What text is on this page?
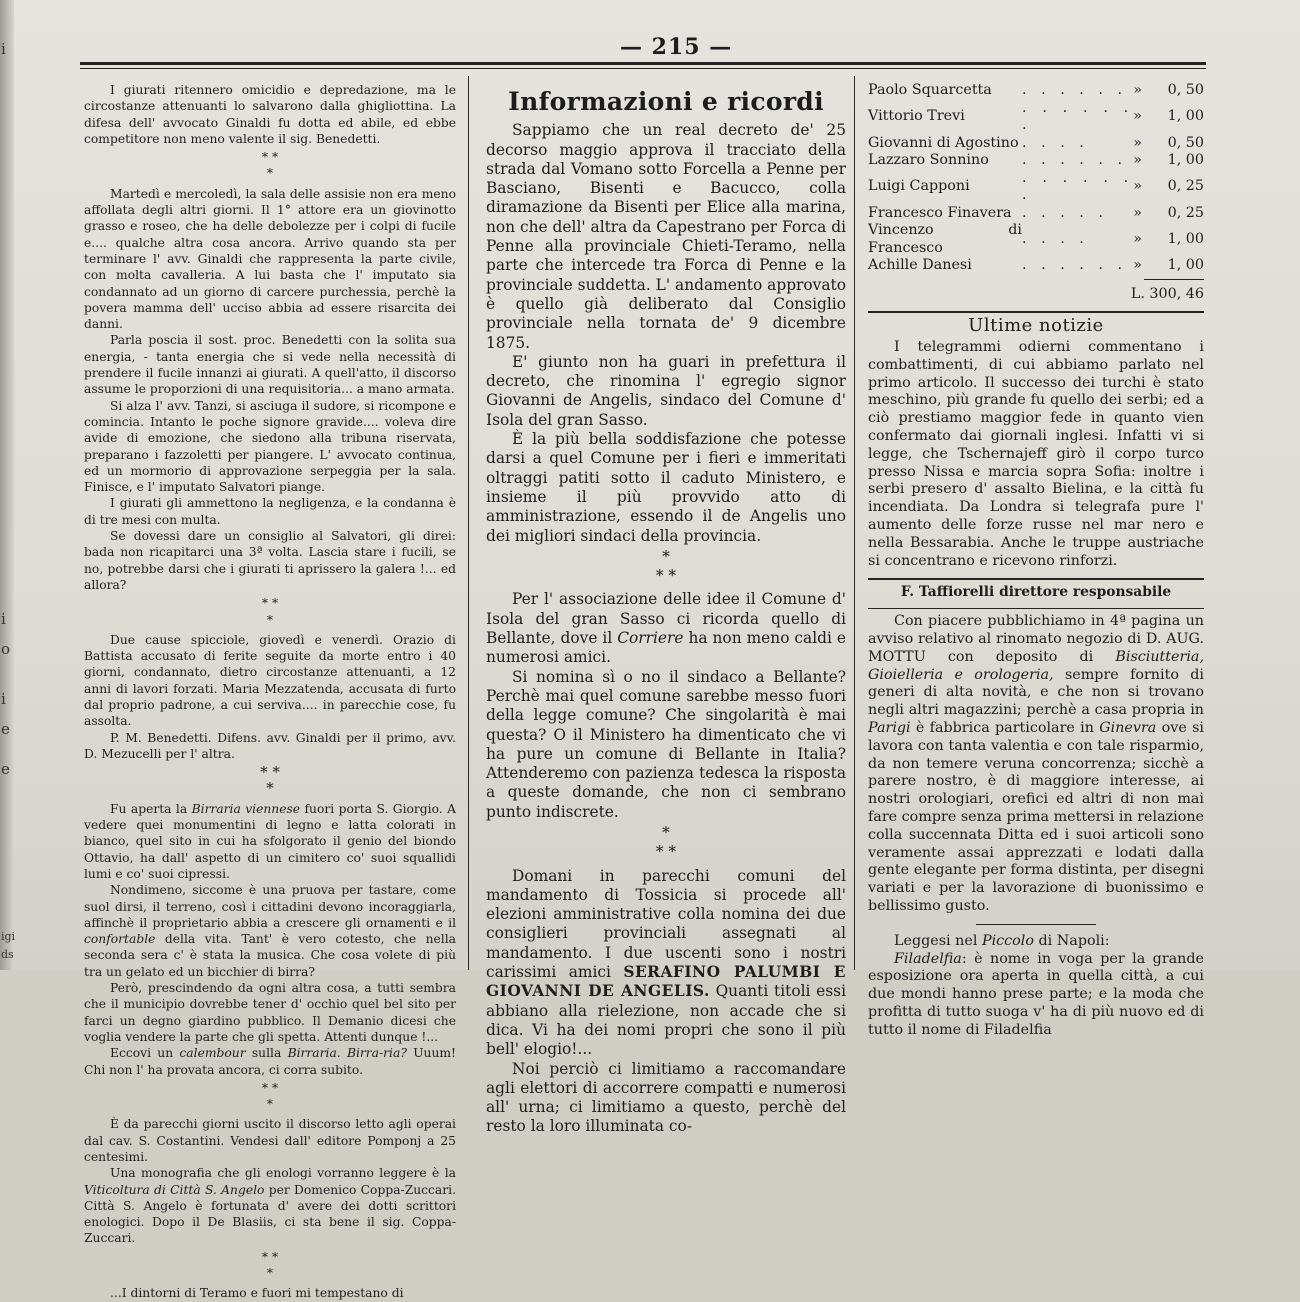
i
i
o
i
e
e
igi
ds
— 215 —

I giurati ritennero omicidio e depredazione, ma le circostanze attenuanti lo salvarono dalla ghigliottina. La difesa dell' avvocato Ginaldi fu dotta ed abile, ed ebbe competitore non meno valente il sig. Benedetti.

* *
*

Martedì e mercoledì, la sala delle assisie non era meno affollata degli altri giorni. Il 1° attore era un giovinotto grasso e roseo, che ha delle debolezze per i colpi di fucile e.... qualche altra cosa ancora. Arrivo quando sta per terminare l' avv. Ginaldi che rappresenta la parte civile, con molta cavalleria. A lui basta che l' imputato sia condannato ad un giorno di carcere purchessia, perchè la povera mamma dell' ucciso abbia ad essere risarcita dei danni.

Parla poscia il sost. proc. Benedetti con la solita sua energia, - tanta energia che si vede nella necessità di prendere il fucile innanzi ai giurati. A quell'atto, il discorso assume le proporzioni di una requisitoria... a mano armata.

Si alza l' avv. Tanzi, si asciuga il sudore, si ricompone e comincia. Intanto le poche signore gravide.... voleva dire avide di emozione, che siedono alla tribuna riservata, preparano i fazzoletti per piangere. L' avvocato continua, ed un mormorio di approvazione serpeggia per la sala. Finisce, e l' imputato Salvatori piange.

I giurati gli ammettono la negligenza, e la condanna è di tre mesi con multa.

Se dovessi dare un consiglio al Salvatori, gli direi: bada non ricapitarci una 3ª volta. Lascia stare i fucili, se no, potrebbe darsi che i giurati ti aprissero la galera !... ed allora?

* *
*

Due cause spicciole, giovedì e venerdì. Orazio di Battista accusato di ferite seguite da morte entro i 40 giorni, condannato, dietro circostanze attenuanti, a 12 anni di lavori forzati. Maria Mezzatenda, accusata di furto dal proprio padrone, a cui serviva.... in parecchie cose, fu assolta.

P. M. Benedetti. Difens. avv. Ginaldi per il primo, avv. D. Mezucelli per l' altra.

* *
*

Fu aperta la Birraria viennese fuori porta S. Giorgio. A vedere quei monumentini di legno e latta colorati in bianco, quel sito in cui ha sfolgorato il genio del biondo Ottavio, ha dall' aspetto di un cimitero co' suoi squallidi lumi e co' suoi cipressi.

Nondimeno, siccome è una pruova per tastare, come suol dirsi, il terreno, così i cittadini devono incoraggiarla, affinchè il proprietario abbia a crescere gli ornamenti e il confortable della vita. Tant' è vero cotesto, che nella seconda sera c' è stata la musica. Che cosa volete di più tra un gelato ed un bicchier di birra?

Però, prescindendo da ogni altra cosa, a tutti sembra che il municipio dovrebbe tener d' occhio quel bel sito per farci un degno giardino pubblico. Il Demanio dicesi che voglia vendere la parte che gli spetta. Attenti dunque !...

Eccovi un calembour sulla Birraria. Birra-ria? Uuum! Chi non l' ha provata ancora, ci corra subito.

* *
*

È da parecchi giorni uscito il discorso letto agli operai dal cav. S. Costantini. Vendesi dall' editore Pomponj a 25 centesimi.

Una monografia che gli enologi vorranno leggere è la Viticoltura di Città S. Angelo per Domenico Coppa-Zuccari. Città S. Angelo è fortunata d' avere dei dotti scrittori enologici. Dopo il De Blasiis, ci sta bene il sig. Coppa-Zuccari.

* *
*

...I dintorni di Teramo e fuori mi tempestano di

Informazioni e ricordi

Sappiamo che un real decreto de' 25 decorso maggio approva il tracciato della strada dal Vomano sotto Forcella a Penne per Basciano, Bisenti e Bacucco, colla diramazione da Bisenti per Elice alla marina, non che dell' altra da Capestrano per Forca di Penne alla provinciale Chieti-Teramo, nella parte che intercede tra Forca di Penne e la provinciale suddetta. L' andamento approvato è quello già deliberato dal Consiglio provinciale nella tornata de' 9 dicembre 1875.

E' giunto non ha guari in prefettura il decreto, che rinomina l' egregio signor Giovanni de Angelis, sindaco del Comune d' Isola del gran Sasso.

È la più bella soddisfazione che potesse darsi a quel Comune per i fieri e immeritati oltraggi patiti sotto il caduto Ministero, e insieme il più provvido atto di amministrazione, essendo il de Angelis uno dei migliori sindaci della provincia.

*
* *

Per l' associazione delle idee il Comune d' Isola del gran Sasso ci ricorda quello di Bellante, dove il Corriere ha non meno caldi e numerosi amici.

Si nomina sì o no il sindaco a Bellante? Perchè mai quel comune sarebbe messo fuori della legge comune? Che singolarità è mai questa? O il Ministero ha dimenticato che vi ha pure un comune di Bellante in Italia? Attenderemo con pazienza tedesca la risposta a queste domande, che non ci sembrano punto indiscrete.

*
* *

Domani in parecchi comuni del mandamento di Tossicia si procede all' elezioni amministrative colla nomina dei due consiglieri provinciali assegnati al mandamento. I due uscenti sono i nostri carissimi amici SERAFINO PALUMBI E GIOVANNI DE ANGELIS. Quanti titoli essi abbiano alla rielezione, non accade che si dica. Vi ha dei nomi propri che sono il più bell' elogio!...

Noi perciò ci limitiamo a raccomandare agli elettori di accorrere compatti e numerosi all' urna; ci limitiamo a questo, perchè del resto la loro illuminata co-

Paolo Squarcetta	. . . . . .	»	0, 50
Vittorio Trevi	. . . . . . .	»	1, 00
Giovanni di Agostino	. . . .	»	0, 50
Lazzaro Sonnino	. . . . . .	»	1, 00
Luigi Capponi	. . . . . . .	»	0, 25
Francesco Finavera	. . . . .	»	0, 25
Vincenzo di Francesco	. . . .	»	1, 00
Achille Danesi	. . . . . .	»	1, 00
L. 300, 46
Ultime notizie

I telegrammi odierni commentano i combattimenti, di cui abbiamo parlato nel primo articolo. Il successo dei turchi è stato meschino, più grande fu quello dei serbi; ed a ciò prestiamo maggior fede in quanto vien confermato dai giornali inglesi. Infatti vi si legge, che Tschernajeff girò il corpo turco presso Nissa e marcia sopra Sofia: inoltre i serbi presero d' assalto Bielina, e la città fu incendiata. Da Londra si telegrafa pure l' aumento delle forze russe nel mar nero e nella Bessarabia. Anche le truppe austriache si concentrano e ricevono rinforzi.

F. Taffiorelli direttore responsabile

Con piacere pubblichiamo in 4ª pagina un avviso relativo al rinomato negozio di D. AUG. MOTTU con deposito di Bisciutteria, Gioielleria e orologeria, sempre fornito di generi di alta novità, e che non si trovano negli altri magazzini; perchè a casa propria in Parigi è fabbrica particolare in Ginevra ove si lavora con tanta valentia e con tale risparmio, da non temere veruna concorrenza; sicchè a parere nostro, è di maggiore interesse, ai nostri orologiari, orefici ed altri di non mai fare compre senza prima mettersi in relazione colla succennata Ditta ed i suoi articoli sono veramente assai apprezzati e lodati dalla gente elegante per forma distinta, per disegni variati e per la lavorazione di buonissimo e bellissimo gusto.

Leggesi nel Piccolo di Napoli:

Filadelfia: è nome in voga per la grande esposizione ora aperta in quella città, a cui due mondi hanno prese parte; e la moda che profitta di tutto suoga v' ha di più nuovo ed di tutto il nome di Filadelfia
